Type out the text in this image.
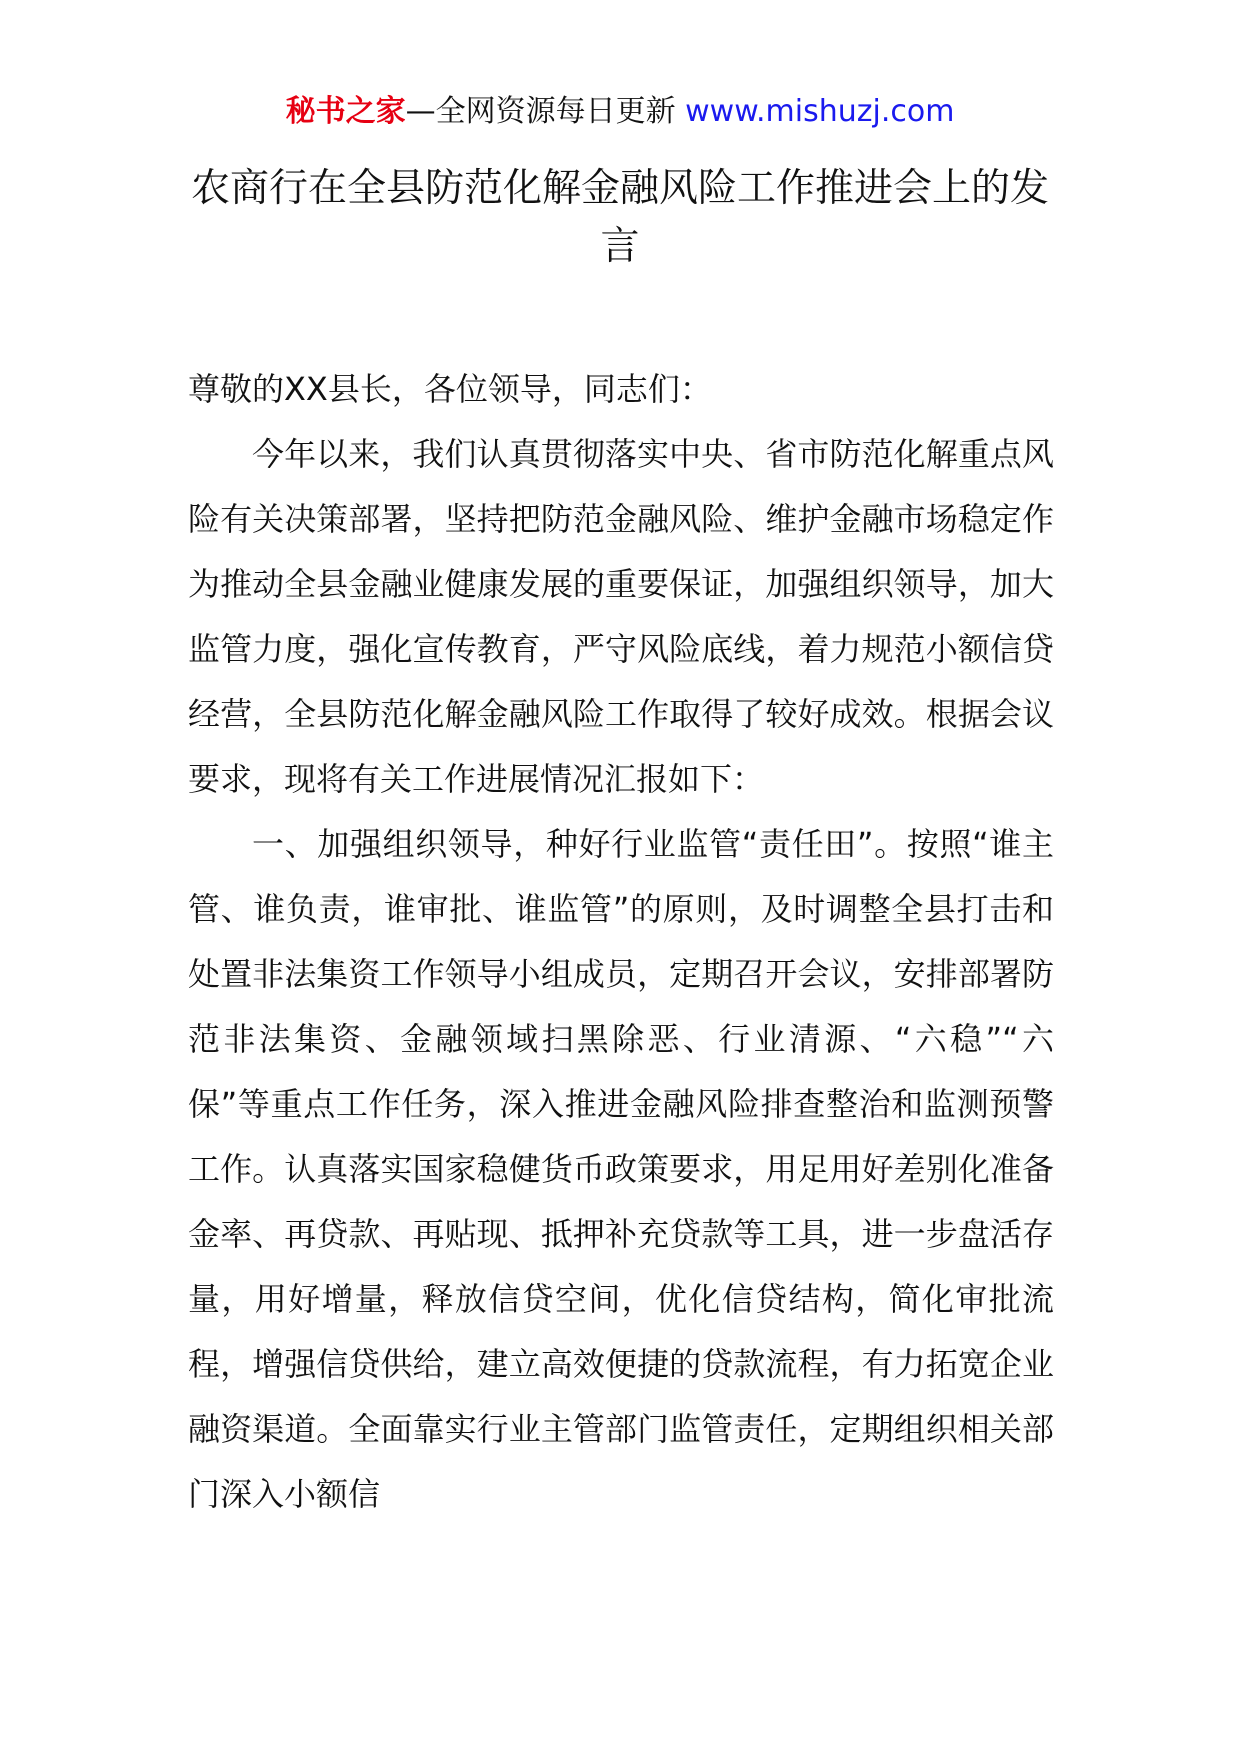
秘书之家—全网资源每日更新 www.mishuzj.com
农商行在全县防范化解金融风险工作推进会上的发言

尊敬的XX县长，各位领导，同志们：

今年以来，我们认真贯彻落实中央、省市防范化解重点风险有关决策部署，坚持把防范金融风险、维护金融市场稳定作为推动全县金融业健康发展的重要保证，加强组织领导，加大监管力度，强化宣传教育，严守风险底线，着力规范小额信贷经营，全县防范化解金融风险工作取得了较好成效。根据会议要求，现将有关工作进展情况汇报如下：

一、加强组织领导，种好行业监管“责任田”。按照“谁主管、谁负责，谁审批、谁监管”的原则，及时调整全县打击和处置非法集资工作领导小组成员，定期召开会议，安排部署防范非法集资、金融领域扫黑除恶、行业清源、“六稳”“六保”等重点工作任务，深入推进金融风险排查整治和监测预警工作。认真落实国家稳健货币政策要求，用足用好差别化准备金率、再贷款、再贴现、抵押补充贷款等工具，进一步盘活存量，用好增量，释放信贷空间，优化信贷结构，简化审批流程，增强信贷供给，建立高效便捷的贷款流程，有力拓宽企业融资渠道。全面靠实行业主管部门监管责任，定期组织相关部门深入小额信
